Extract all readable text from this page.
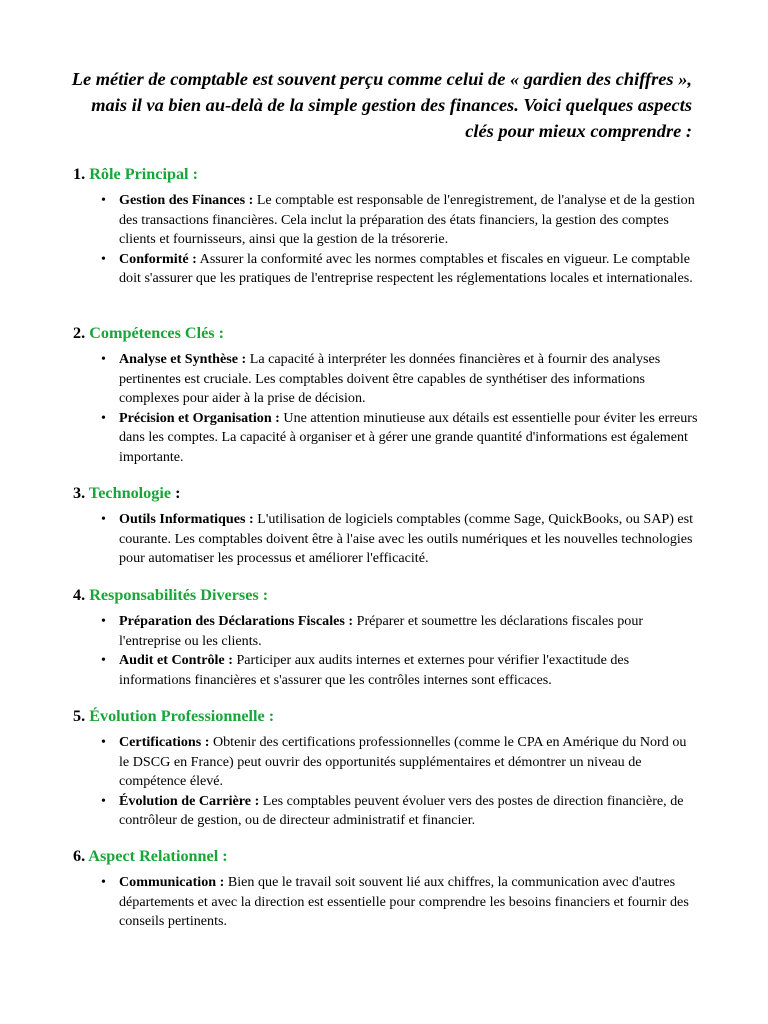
Le métier de comptable est souvent perçu comme celui de « gardien des chiffres », mais il va bien au-delà de la simple gestion des finances. Voici quelques aspects clés pour mieux comprendre :

1. Rôle Principal :
• Gestion des Finances : Le comptable est responsable de l'enregistrement, de l'analyse et de la gestion des transactions financières. Cela inclut la préparation des états financiers, la gestion des comptes clients et fournisseurs, ainsi que la gestion de la trésorerie.
• Conformité : Assurer la conformité avec les normes comptables et fiscales en vigueur. Le comptable doit s'assurer que les pratiques de l'entreprise respectent les réglementations locales et internationales.
2. Compétences Clés :
• Analyse et Synthèse : La capacité à interpréter les données financières et à fournir des analyses pertinentes est cruciale. Les comptables doivent être capables de synthétiser des informations complexes pour aider à la prise de décision.
• Précision et Organisation : Une attention minutieuse aux détails est essentielle pour éviter les erreurs dans les comptes. La capacité à organiser et à gérer une grande quantité d'informations est également importante.
3. Technologie :
• Outils Informatiques : L'utilisation de logiciels comptables (comme Sage, QuickBooks, ou SAP) est courante. Les comptables doivent être à l'aise avec les outils numériques et les nouvelles technologies pour automatiser les processus et améliorer l'efficacité.
4. Responsabilités Diverses :
• Préparation des Déclarations Fiscales : Préparer et soumettre les déclarations fiscales pour l'entreprise ou les clients.
• Audit et Contrôle : Participer aux audits internes et externes pour vérifier l'exactitude des informations financières et s'assurer que les contrôles internes sont efficaces.
5. Évolution Professionnelle :
• Certifications : Obtenir des certifications professionnelles (comme le CPA en Amérique du Nord ou le DSCG en France) peut ouvrir des opportunités supplémentaires et démontrer un niveau de compétence élevé.
• Évolution de Carrière : Les comptables peuvent évoluer vers des postes de direction financière, de contrôleur de gestion, ou de directeur administratif et financier.
6. Aspect Relationnel :
• Communication : Bien que le travail soit souvent lié aux chiffres, la communication avec d'autres départements et avec la direction est essentielle pour comprendre les besoins financiers et fournir des conseils pertinents.
